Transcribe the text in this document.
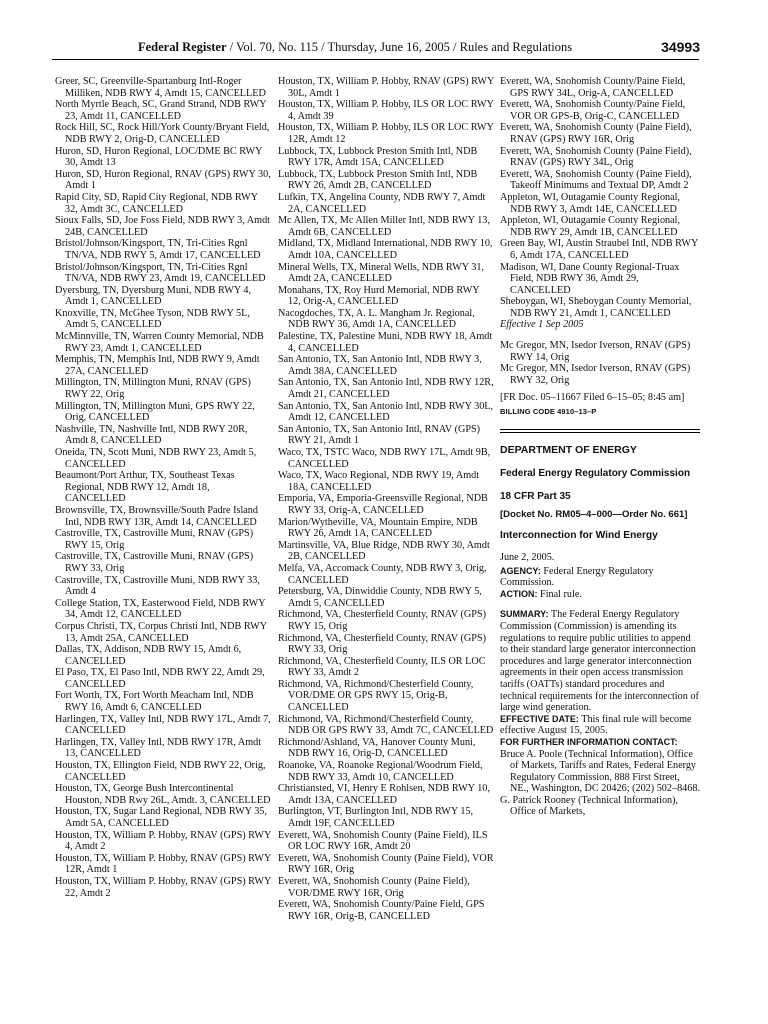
Federal Register / Vol. 70, No. 115 / Thursday, June 16, 2005 / Rules and Regulations	34993

Greer, SC, Greenville-Spartanburg Intl-Roger Milliken, NDB RWY 4, Amdt 15, CANCELLED

North Myrtle Beach, SC, Grand Strand, NDB RWY 23, Amdt 11, CANCELLED

Rock Hill, SC, Rock Hill/York County/Bryant Field, NDB RWY 2, Orig-D, CANCELLED

Huron, SD, Huron Regional, LOC/DME BC RWY 30, Amdt 13

Huron, SD, Huron Regional, RNAV (GPS) RWY 30, Amdt 1

Rapid City, SD, Rapid City Regional, NDB RWY 32, Amdt 3C, CANCELLED

Sioux Falls, SD, Joe Foss Field, NDB RWY 3, Amdt 24B, CANCELLED

Bristol/Johnson/Kingsport, TN, Tri-Cities Rgnl TN/VA, NDB RWY 5, Amdt 17, CANCELLED

Bristol/Johnson/Kingsport, TN, Tri-Cities Rgnl TN/VA, NDB RWY 23, Amdt 19, CANCELLED

Dyersburg, TN, Dyersburg Muni, NDB RWY 4, Amdt 1, CANCELLED

Knoxville, TN, McGhee Tyson, NDB RWY 5L, Amdt 5, CANCELLED

McMinnville, TN, Warren County Memorial, NDB RWY 23, Amdt 1, CANCELLED

Memphis, TN, Memphis Intl, NDB RWY 9, Amdt 27A, CANCELLED

Millington, TN, Millington Muni, RNAV (GPS) RWY 22, Orig

Millington, TN, Millington Muni, GPS RWY 22, Orig, CANCELLED

Nashville, TN, Nashville Intl, NDB RWY 20R, Amdt 8, CANCELLED

Oneida, TN, Scott Muni, NDB RWY 23, Amdt 5, CANCELLED

Beaumont/Port Arthur, TX, Southeast Texas Regional, NDB RWY 12, Amdt 18, CANCELLED

Brownsville, TX, Brownsville/South Padre Island Intl, NDB RWY 13R, Amdt 14, CANCELLED

Castroville, TX, Castroville Muni, RNAV (GPS) RWY 15, Orig

Castroville, TX, Castroville Muni, RNAV (GPS) RWY 33, Orig

Castroville, TX, Castroville Muni, NDB RWY 33, Amdt 4

College Station, TX, Easterwood Field, NDB RWY 34, Amdt 12, CANCELLED

Corpus Christi, TX, Corpus Christi Intl, NDB RWY 13, Amdt 25A, CANCELLED

Dallas, TX, Addison, NDB RWY 15, Amdt 6, CANCELLED

El Paso, TX, El Paso Intl, NDB RWY 22, Amdt 29, CANCELLED

Fort Worth, TX, Fort Worth Meacham Intl, NDB RWY 16, Amdt 6, CANCELLED

Harlingen, TX, Valley Intl, NDB RWY 17L, Amdt 7, CANCELLED

Harlingen, TX, Valley Intl, NDB RWY 17R, Amdt 13, CANCELLED

Houston, TX, Ellington Field, NDB RWY 22, Orig, CANCELLED

Houston, TX, George Bush Intercontinental Houston, NDB Rwy 26L, Amdt. 3, CANCELLED

Houston, TX, Sugar Land Regional, NDB RWY 35, Amdt 5A, CANCELLED

Houston, TX, William P. Hobby, RNAV (GPS) RWY 4, Amdt 2

Houston, TX, William P. Hobby, RNAV (GPS) RWY 12R, Amdt 1

Houston, TX, William P. Hobby, RNAV (GPS) RWY 22, Amdt 2

Houston, TX, William P. Hobby, RNAV (GPS) RWY 30L, Amdt 1

Houston, TX, William P. Hobby, ILS OR LOC RWY 4, Amdt 39

Houston, TX, William P. Hobby, ILS OR LOC RWY 12R, Amdt 12

Lubbock, TX, Lubbock Preston Smith Intl, NDB RWY 17R, Amdt 15A, CANCELLED

Lubbock, TX, Lubbock Preston Smith Intl, NDB RWY 26, Amdt 2B, CANCELLED

Lufkin, TX, Angelina County, NDB RWY 7, Amdt 2A, CANCELLED

Mc Allen, TX, Mc Allen Miller Intl, NDB RWY 13, Amdt 6B, CANCELLED

Midland, TX, Midland International, NDB RWY 10, Amdt 10A, CANCELLED

Mineral Wells, TX, Mineral Wells, NDB RWY 31, Amdt 2A, CANCELLED

Monahans, TX, Roy Hurd Memorial, NDB RWY 12, Orig-A, CANCELLED

Nacogdoches, TX, A. L. Mangham Jr. Regional, NDB RWY 36, Amdt 1A, CANCELLED

Palestine, TX, Palestine Muni, NDB RWY 18, Amdt 4, CANCELLED

San Antonio, TX, San Antonio Intl, NDB RWY 3, Amdt 38A, CANCELLED

San Antonio, TX, San Antonio Intl, NDB RWY 12R, Amdt 21, CANCELLED

San Antonio, TX, San Antonio Intl, NDB RWY 30L, Amdt 12, CANCELLED

San Antonio, TX, San Antonio Intl, RNAV (GPS) RWY 21, Amdt 1

Waco, TX, TSTC Waco, NDB RWY 17L, Amdt 9B, CANCELLED

Waco, TX, Waco Regional, NDB RWY 19, Amdt 18A, CANCELLED

Emporia, VA, Emporia-Greensville Regional, NDB RWY 33, Orig-A, CANCELLED

Marion/Wytheville, VA, Mountain Empire, NDB RWY 26, Amdt 1A, CANCELLED

Martinsville, VA, Blue Ridge, NDB RWY 30, Amdt 2B, CANCELLED

Melfa, VA, Accomack County, NDB RWY 3, Orig, CANCELLED

Petersburg, VA, Dinwiddie County, NDB RWY 5, Amdt 5, CANCELLED

Richmond, VA, Chesterfield County, RNAV (GPS) RWY 15, Orig

Richmond, VA, Chesterfield County, RNAV (GPS) RWY 33, Orig

Richmond, VA, Chesterfield County, ILS OR LOC RWY 33, Amdt 2

Richmond, VA, Richmond/Chesterfield County, VOR/DME OR GPS RWY 15, Orig-B, CANCELLED

Richmond, VA, Richmond/Chesterfield County, NDB OR GPS RWY 33, Amdt 7C, CANCELLED

Richmond/Ashland, VA, Hanover County Muni, NDB RWY 16, Orig-D, CANCELLED

Roanoke, VA, Roanoke Regional/Woodrum Field, NDB RWY 33, Amdt 10, CANCELLED

Christiansted, VI, Henry E Rohlsen, NDB RWY 10, Amdt 13A, CANCELLED

Burlington, VT, Burlington Intl, NDB RWY 15, Amdt 19F, CANCELLED

Everett, WA, Snohomish County (Paine Field), ILS OR LOC RWY 16R, Amdt 20

Everett, WA, Snohomish County (Paine Field), VOR RWY 16R, Orig

Everett, WA, Snohomish County (Paine Field), VOR/DME RWY 16R, Orig

Everett, WA, Snohomish County/Paine Field, GPS RWY 16R, Orig-B, CANCELLED

Everett, WA, Snohomish County/Paine Field, GPS RWY 34L, Orig-A, CANCELLED

Everett, WA, Snohomish County/Paine Field, VOR OR GPS-B, Orig-C, CANCELLED

Everett, WA, Snohomish County (Paine Field), RNAV (GPS) RWY 16R, Orig

Everett, WA, Snohomish County (Paine Field), RNAV (GPS) RWY 34L, Orig

Everett, WA, Snohomish County (Paine Field), Takeoff Minimums and Textual DP, Amdt 2

Appleton, WI, Outagamie County Regional, NDB RWY 3, Amdt 14E, CANCELLED

Appleton, WI, Outagamie County Regional, NDB RWY 29, Amdt 1B, CANCELLED

Green Bay, WI, Austin Straubel Intl, NDB RWY 6, Amdt 17A, CANCELLED

Madison, WI, Dane County Regional-Truax Field, NDB RWY 36, Amdt 29, CANCELLED

Sheboygan, WI, Sheboygan County Memorial, NDB RWY 21, Amdt 1, CANCELLED

Effective 1 Sep 2005

Mc Gregor, MN, Isedor Iverson, RNAV (GPS) RWY 14, Orig

Mc Gregor, MN, Isedor Iverson, RNAV (GPS) RWY 32, Orig

[FR Doc. 05–11667 Filed 6–15–05; 8:45 am]

BILLING CODE 4910–13–P

DEPARTMENT OF ENERGY

Federal Energy Regulatory Commission

18 CFR Part 35

[Docket No. RM05–4–000—Order No. 661]

Interconnection for Wind Energy

June 2, 2005.

AGENCY: Federal Energy Regulatory Commission.

ACTION: Final rule.

SUMMARY: The Federal Energy Regulatory Commission (Commission) is amending its regulations to require public utilities to append to their standard large generator interconnection procedures and large generator interconnection agreements in their open access transmission tariffs (OATTs) standard procedures and technical requirements for the interconnection of large wind generation.

EFFECTIVE DATE: This final rule will become effective August 15, 2005.

FOR FURTHER INFORMATION CONTACT:

Bruce A. Poole (Technical Information), Office of Markets, Tariffs and Rates, Federal Energy Regulatory Commission, 888 First Street, NE., Washington, DC 20426; (202) 502–8468.

G. Patrick Rooney (Technical Information), Office of Markets,
